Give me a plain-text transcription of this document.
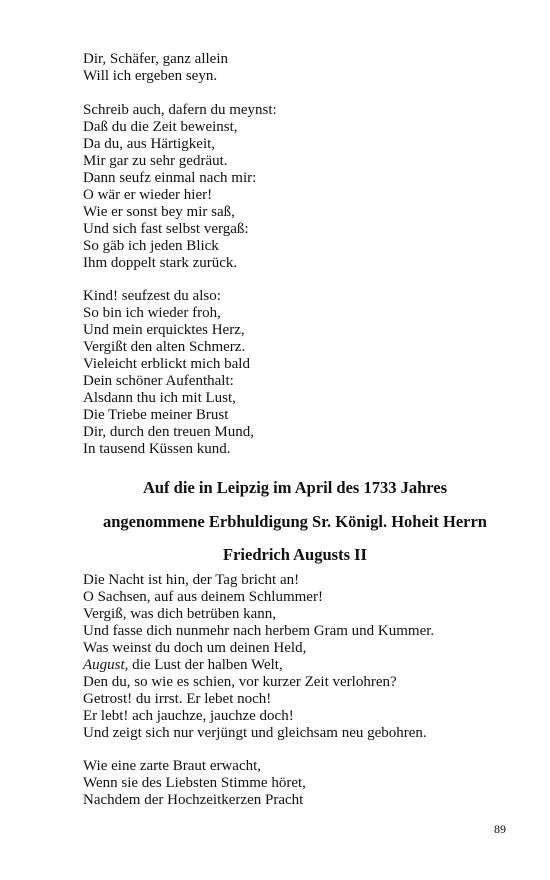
Dir, Schäfer, ganz allein
Will ich ergeben seyn.
Schreib auch, dafern du meynst:
Daß du die Zeit beweinst,
Da du, aus Härtigkeit,
Mir gar zu sehr gedräut.
Dann seufz einmal nach mir:
O wär er wieder hier!
Wie er sonst bey mir saß,
Und sich fast selbst vergaß:
So gäb ich jeden Blick
Ihm doppelt stark zurück.
Kind! seufzest du also:
So bin ich wieder froh,
Und mein erquicktes Herz,
Vergißt den alten Schmerz.
Vieleicht erblickt mich bald
Dein schöner Aufenthalt:
Alsdann thu ich mit Lust,
Die Triebe meiner Brust
Dir, durch den treuen Mund,
In tausend Küssen kund.
Auf die in Leipzig im April des 1733 Jahres
angenommene Erbhuldigung Sr. Königl. Hoheit Herrn
Friedrich Augusts II
Die Nacht ist hin, der Tag bricht an!
O Sachsen, auf aus deinem Schlummer!
Vergiß, was dich betrüben kann,
Und fasse dich nunmehr nach herbem Gram und Kummer.
Was weinst du doch um deinen Held,
August, die Lust der halben Welt,
Den du, so wie es schien, vor kurzer Zeit verlohren?
Getrost! du irrst. Er lebet noch!
Er lebt! ach jauchze, jauchze doch!
Und zeigt sich nur verjüngt und gleichsam neu gebohren.
Wie eine zarte Braut erwacht,
Wenn sie des Liebsten Stimme höret,
Nachdem der Hochzeitkerzen Pracht
89
